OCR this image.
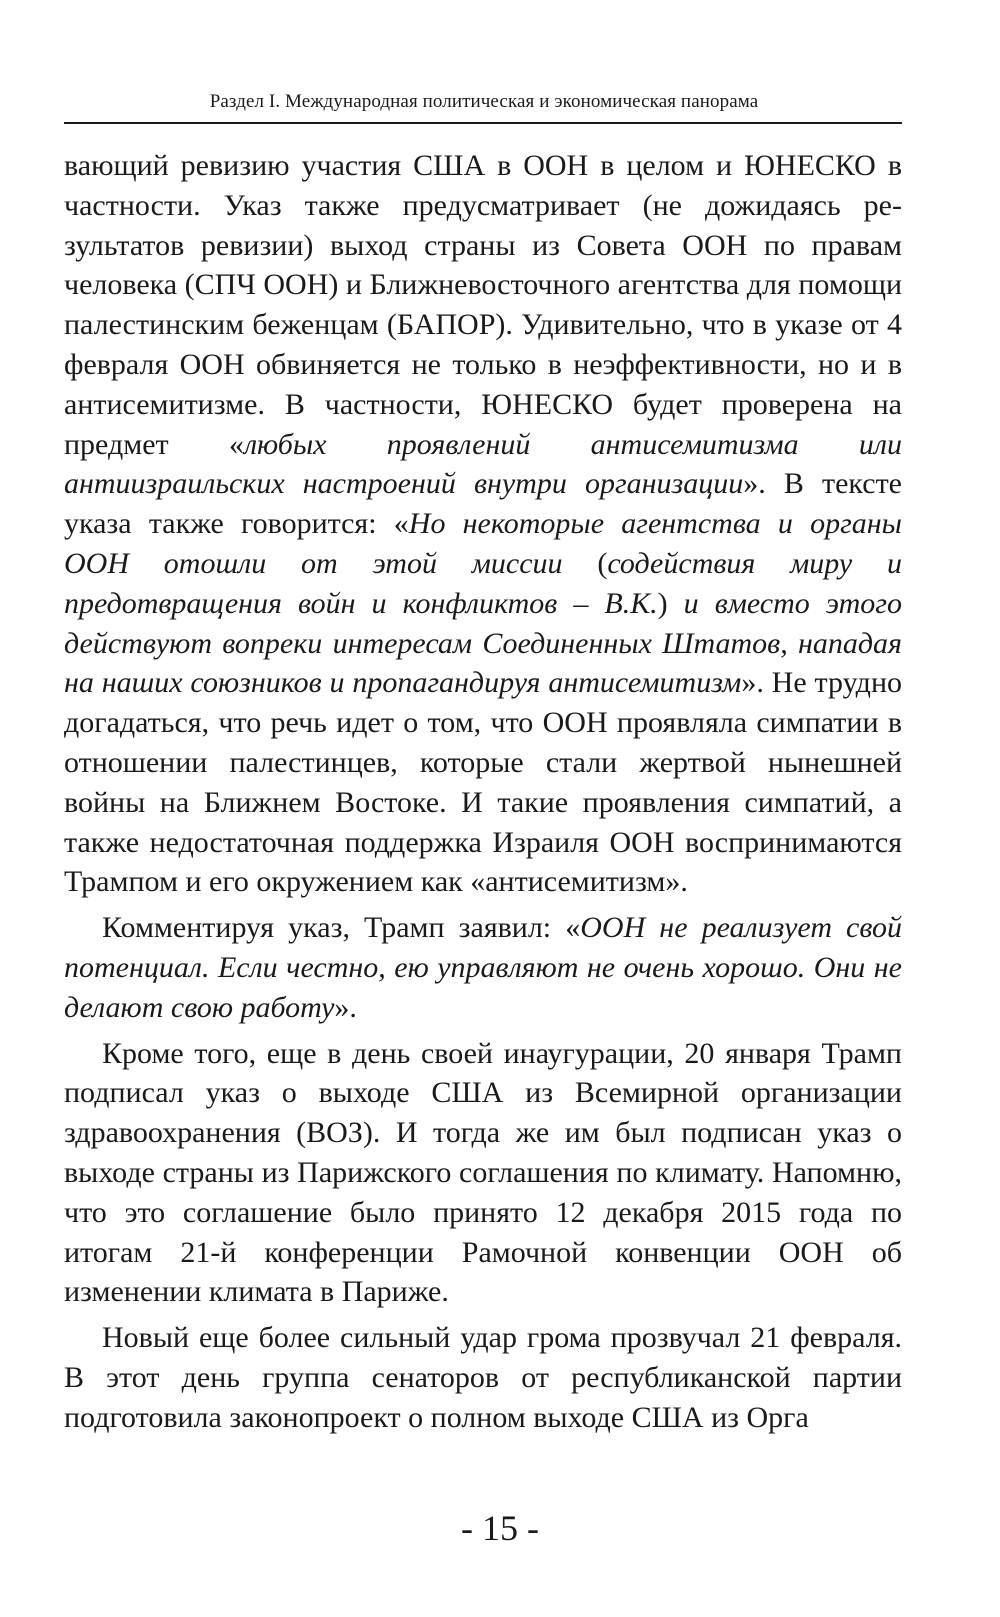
Раздел I. Международная политическая и экономическая панорама

вающий ревизию участия США в ООН в целом и ЮНЕСКО в частности. Указ также предусматривает (не дожидаясь результатов ревизии) выход страны из Совета ООН по правам человека (СПЧ ООН) и Ближневосточного агентства для помощи палестинским беженцам (БАПОР). Удивительно, что в указе от 4 февраля ООН обвиняется не только в неэффективности, но и в антисемитизме. В частности, ЮНЕСКО будет проверена на предмет «любых проявлений антисемитизма или антиизраильских настроений внутри организации». В тексте указа также говорится: «Но некоторые агентства и органы ООН отошли от этой миссии (содействия миру и предотвращения войн и конфликтов – В.К.) и вместо этого действуют вопреки интересам Соединенных Штатов, нападая на наших союзников и пропагандируя антисемитизм». Не трудно догадаться, что речь идет о том, что ООН проявляла симпатии в отношении палестинцев, которые стали жертвой нынешней войны на Ближнем Востоке. И такие проявления симпатий, а также недостаточная поддержка Израиля ООН воспринимаются Трампом и его окружением как «антисемитизм».

Комментируя указ, Трамп заявил: «ООН не реализует свой потенциал. Если честно, ею управляют не очень хорошо. Они не делают свою работу».

Кроме того, еще в день своей инаугурации, 20 января Трамп подписал указ о выходе США из Всемирной организации здравоохранения (ВОЗ). И тогда же им был подписан указ о выходе страны из Парижского соглашения по климату. Напомню, что это соглашение было принято 12 декабря 2015 года по итогам 21-й конференции Рамочной конвенции ООН об изменении климата в Париже.

Новый еще более сильный удар грома прозвучал 21 февраля. В этот день группа сенаторов от республиканской партии подготовила законопроект о полном выходе США из Орга

- 15 -
